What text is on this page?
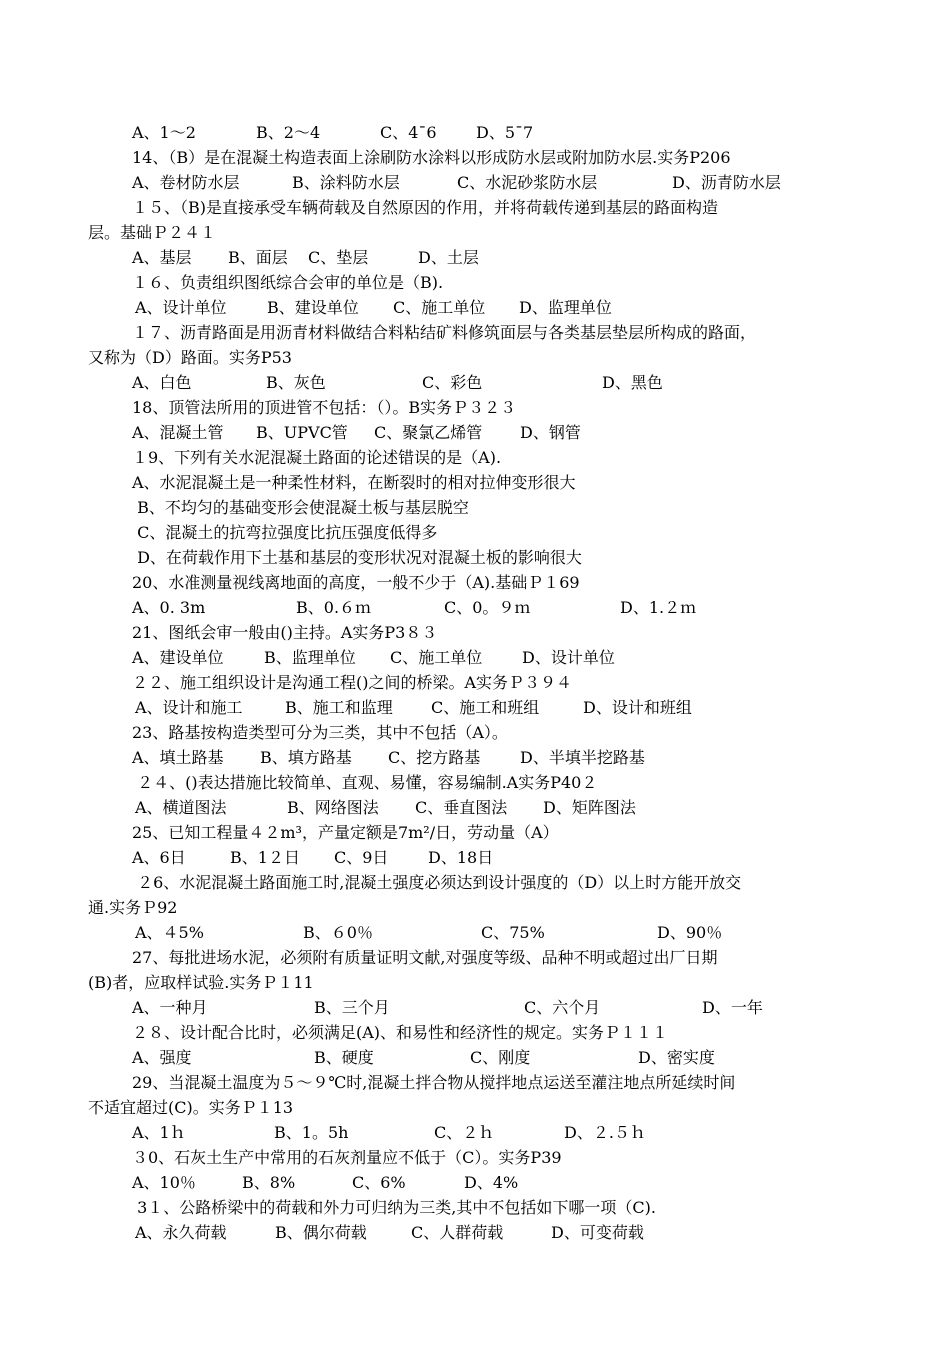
A、1～2	B、2～4	C、4¯6 D、5¯7
14、（B）是在混凝土构造表面上涂刷防水涂料以形成防水层或附加防水层.实务P206
A、卷材防水层	B、涂料防水层	C、水泥砂浆防水层	D、沥青防水层
１５、（B)是直接承受车辆荷载及自然原因的作用，并将荷载传递到基层的路面构造
层。基础Ｐ２４１
A、基层 B、面层 C、垫层	D、土层
１６、负责组织图纸综合会审的单位是（B).
A、设计单位	B、建设单位 C、施工单位 D、监理单位
１７、沥青路面是用沥青材料做结合料粘结矿料修筑面层与各类基层垫层所构成的路面，
又称为（D）路面。实务P53
A、白色	B、灰色	C、彩色	D、黑色
18、顶管法所用的顶进管不包括：（）。B实务Ｐ３２３
A、混凝土管 B、UPVC管 C、聚氯乙烯管 D、钢管
１9、下列有关水泥混凝土路面的论述错误的是（A).
A、水泥混凝土是一种柔性材料，在断裂时的相对拉伸变形很大
B、不均匀的基础变形会使混凝土板与基层脱空
C、混凝土的抗弯拉强度比抗压强度低得多
D、在荷载作用下土基和基层的变形状况对混凝土板的影响很大
20、水准测量视线离地面的高度，一般不少于（A).基础Ｐ１69
A、0. 3m	B、0.６ｍ	C、0。９ｍ	D、1.２ｍ
21、图纸会审一般由()主持。A实务P3８３
A、建设单位	B、监理单位 C、施工单位 D、设计单位
２２、施工组织设计是沟通工程()之间的桥梁。A实务Ｐ３９４
A、设计和施工	B、施工和监理 C、施工和班组	D、设计和班组
23、路基按构造类型可分为三类，其中不包括（A）。
A、填土路基 B、填方路基 C、挖方路基 D、半填半挖路基
２４、()表达措施比较简单、直观、易懂，容易编制.A实务P40２
A、横道图法	B、网络图法 C、垂直图法 D、矩阵图法
25、已知工程量４２m³，产量定额是7m²/日，劳动量（A）
A、6日	B、1２日 C、9日 D、18日
２6、水泥混凝土路面施工时,混凝土强度必须达到设计强度的（D）以上时方能开放交
通.实务Ｐ92
A、４5%	B、６0％	C、75%	D、90％
27、每批进场水泥，必须附有质量证明文献,对强度等级、品种不明或超过出厂日期
(B)者，应取样试验.实务Ｐ１11
A、一种月	B、三个月	C、六个月	D、一年
２８、设计配合比时，必须满足(A)、和易性和经济性的规定。实务Ｐ１１１
A、强度	B、硬度	C、刚度	D、密实度
29、当混凝土温度为５～９℃时,混凝土拌合物从搅拌地点运送至灌注地点所延续时间
不适宜超过(C)。实务Ｐ１13
A、1ｈ	B、1。5h	C、２ｈ	D、２.５ｈ
３0、石灰土生产中常用的石灰剂量应不低于（C）。实务P39
A、10％	B、8%	C、6%	D、4%
3１、公路桥梁中的荷载和外力可归纳为三类,其中不包括如下哪一项（C).
A、永久荷载	B、偶尔荷载	C、人群荷载	D、可变荷载
